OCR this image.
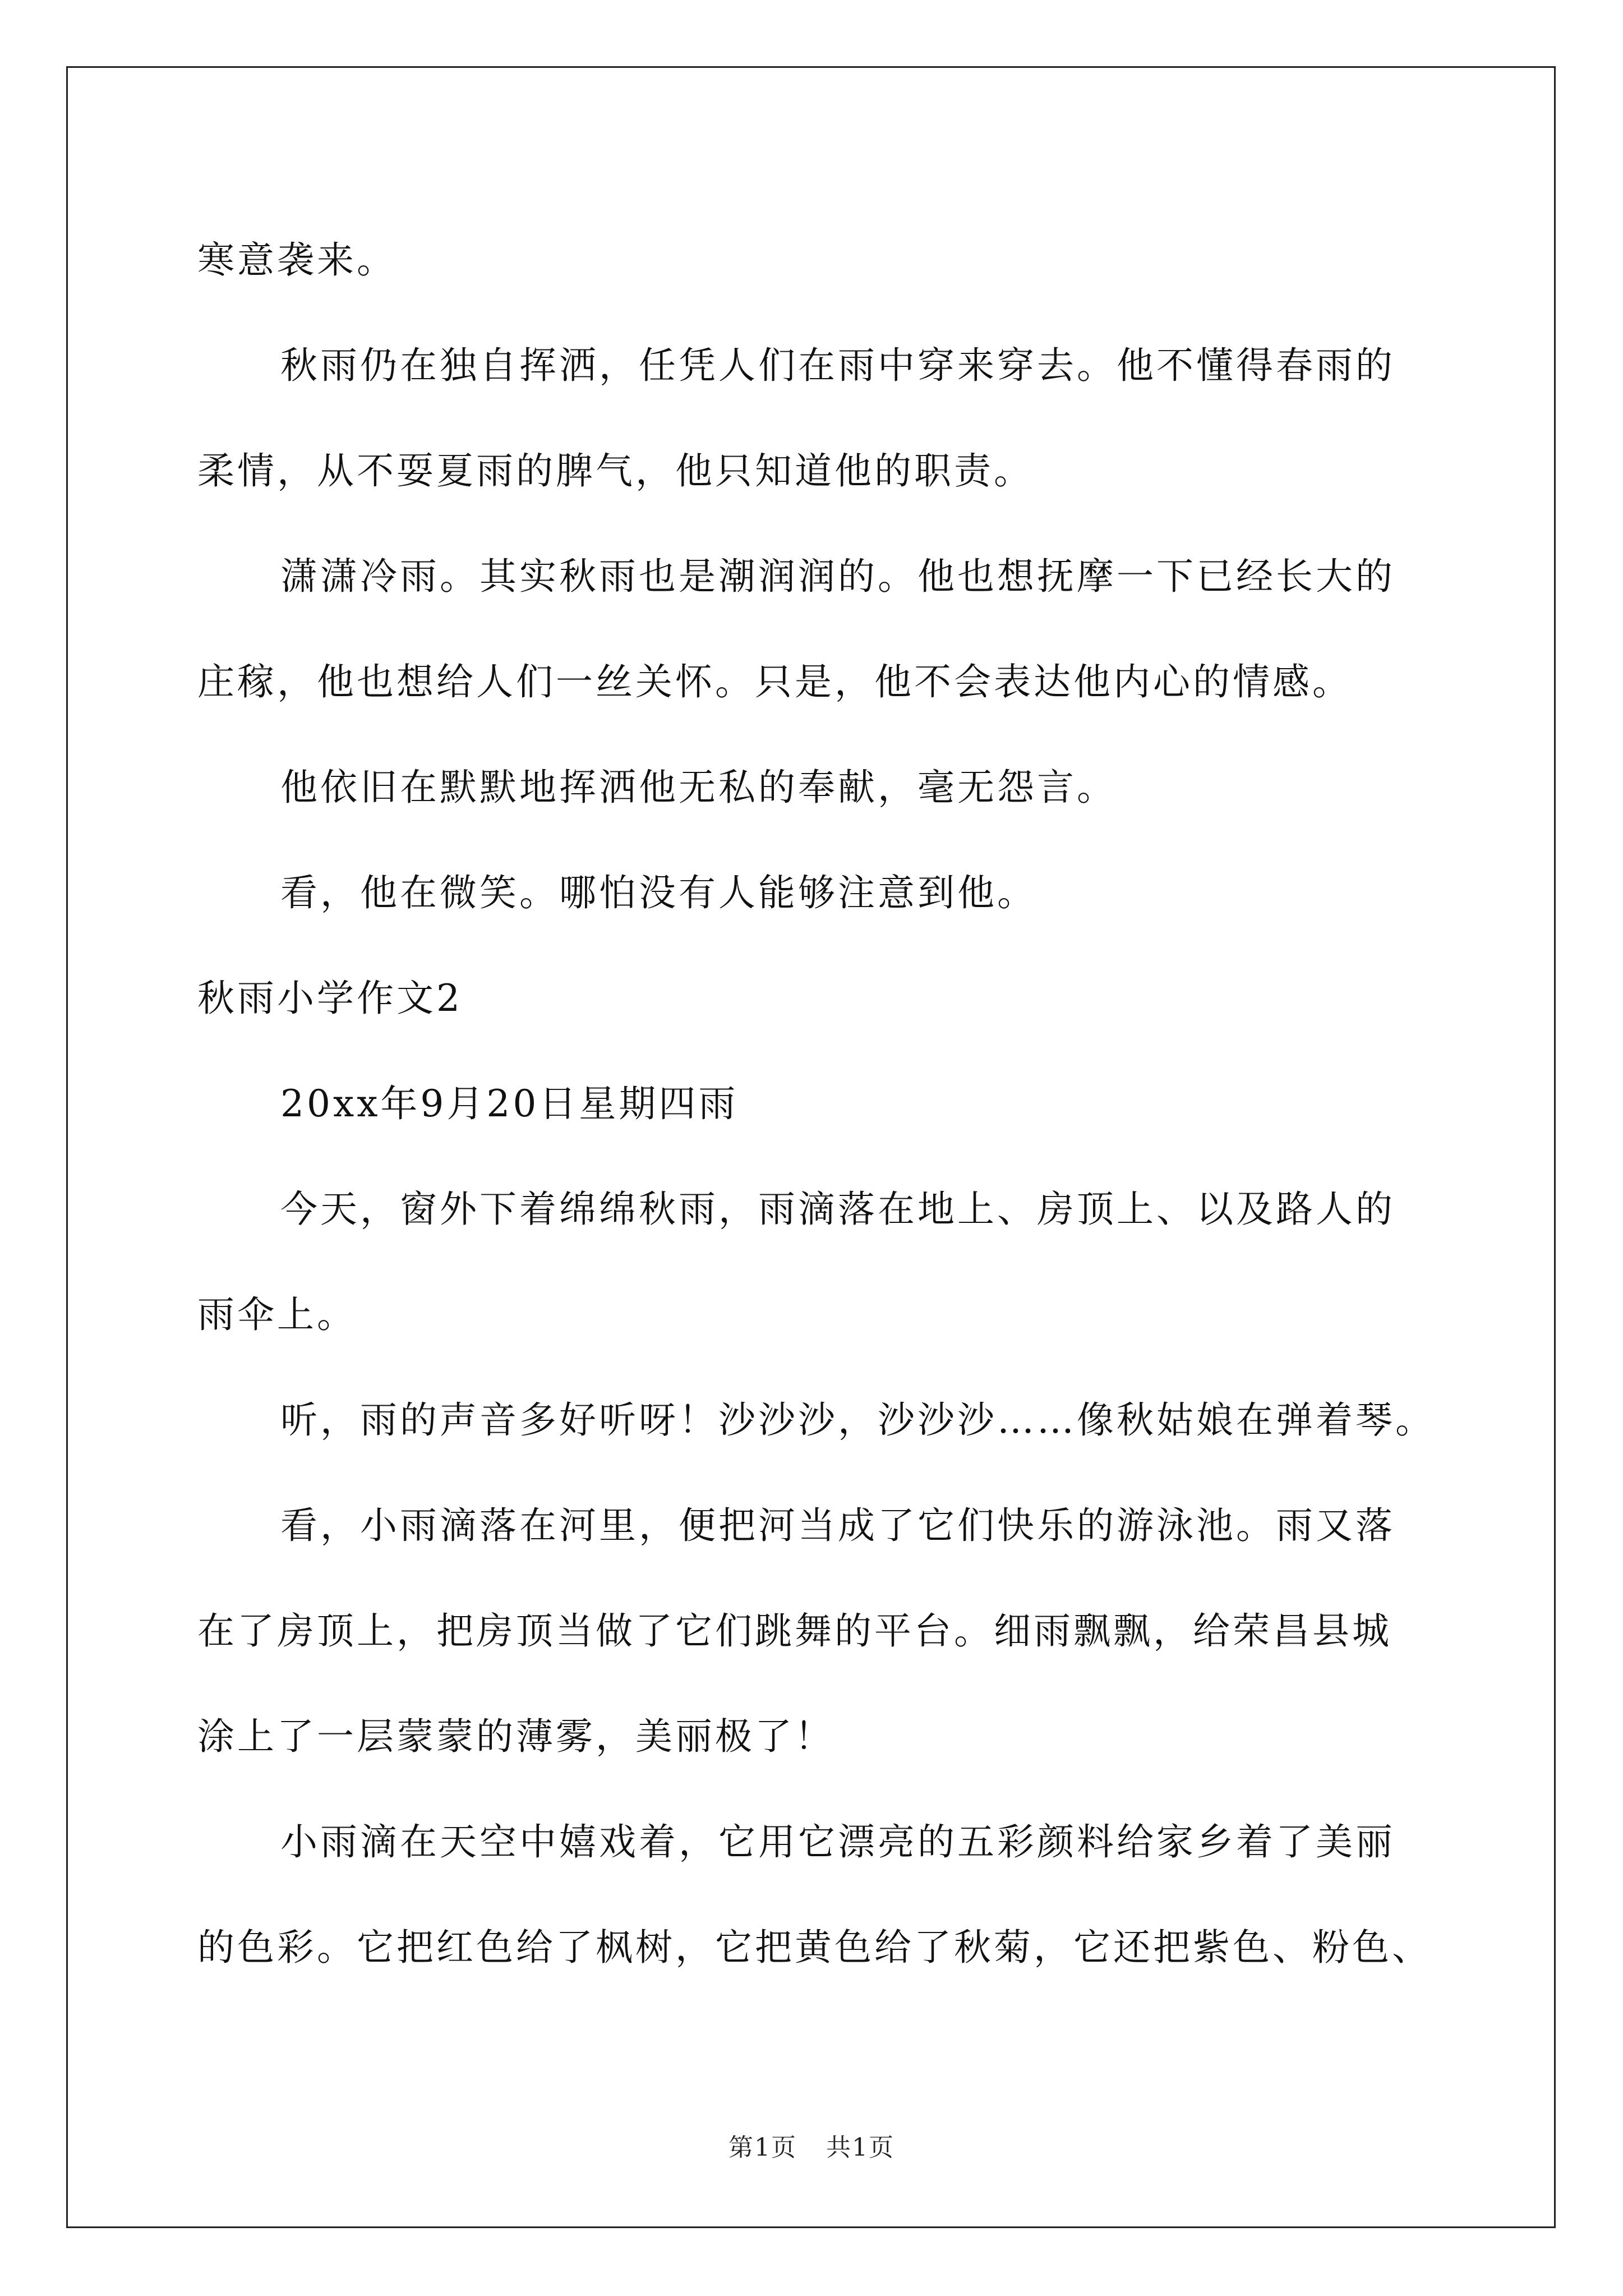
寒意袭来。
秋雨仍在独自挥洒，任凭人们在雨中穿来穿去。他不懂得春雨的
柔情，从不耍夏雨的脾气，他只知道他的职责。
潇潇冷雨。其实秋雨也是潮润润的。他也想抚摩一下已经长大的
庄稼，他也想给人们一丝关怀。只是，他不会表达他内心的情感。
他依旧在默默地挥洒他无私的奉献，毫无怨言。
看，他在微笑。哪怕没有人能够注意到他。
秋雨小学作文2
20xx年9月20日星期四雨
今天，窗外下着绵绵秋雨，雨滴落在地上、房顶上、以及路人的
雨伞上。
听，雨的声音多好听呀！沙沙沙，沙沙沙……像秋姑娘在弹着琴。
看，小雨滴落在河里，便把河当成了它们快乐的游泳池。雨又落
在了房顶上，把房顶当做了它们跳舞的平台。细雨飘飘，给荣昌县城
涂上了一层蒙蒙的薄雾，美丽极了！
小雨滴在天空中嬉戏着，它用它漂亮的五彩颜料给家乡着了美丽
的色彩。它把红色给了枫树，它把黄色给了秋菊，它还把紫色、粉色、
第1页 共1页
